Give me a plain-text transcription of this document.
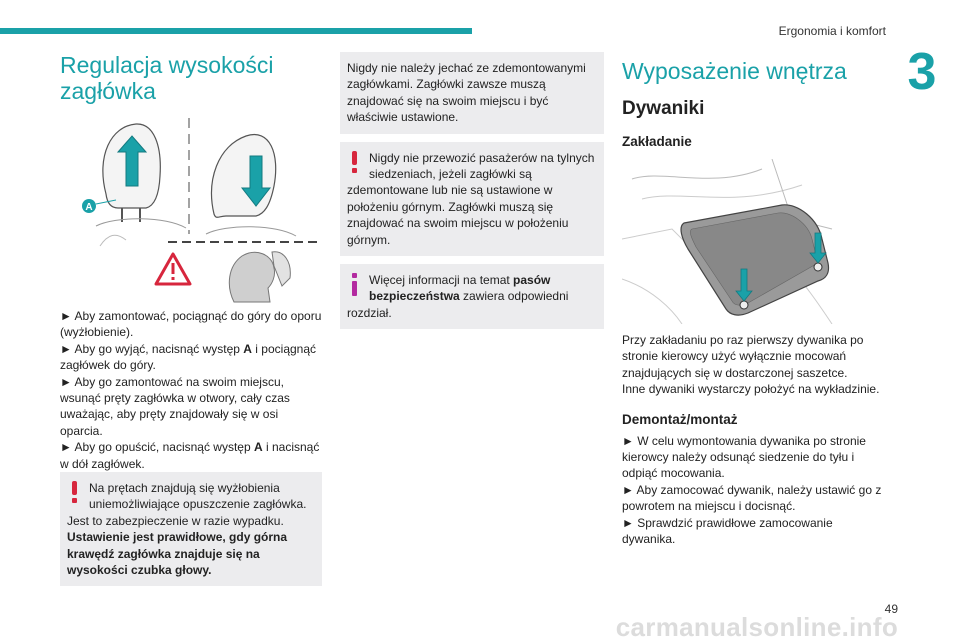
Ergonomia i komfort
3
Regulacja wysokości zagłówka
A

► Aby zamontować, pociągnąć do góry do oporu (wyżłobienie).

► Aby go wyjąć, nacisnąć występ A i pociągnąć zagłówek do góry.

► Aby go zamontować na swoim miejscu, wsunąć pręty zagłówka w otwory, cały czas uważając, aby pręty znajdowały się w osi oparcia.

► Aby go opuścić, nacisnąć występ A i nacisnąć w dół zagłówek.

Na prętach znajdują się wyżłobienia uniemożliwiające opuszczenie zagłówka.

Jest to zabezpieczenie w razie wypadku.

Ustawienie jest prawidłowe, gdy górna krawędź zagłówka znajduje się na wysokości czubka głowy.

Nigdy nie należy jechać ze zdemontowanymi zagłówkami. Zagłówki zawsze muszą znajdować się na swoim miejscu i być właściwie ustawione.

Nigdy nie przewozić pasażerów na tylnych siedzeniach, jeżeli zagłówki są zdemontowane lub nie są ustawione w położeniu górnym. Zagłówki muszą się znajdować na swoim miejscu w położeniu górnym.

Więcej informacji na temat pasów bezpieczeństwa zawiera odpowiedni rozdział.

Wyposażenie wnętrza
Dywaniki
Zakładanie

Przy zakładaniu po raz pierwszy dywanika po stronie kierowcy użyć wyłącznie mocowań znajdujących się w dostarczonej saszetce.

Inne dywaniki wystarczy położyć na wykładzinie.

Demontaż/montaż

► W celu wymontowania dywanika po stronie kierowcy należy odsunąć siedzenie do tyłu i odpiąć mocowania.

► Aby zamocować dywanik, należy ustawić go z powrotem na miejscu i docisnąć.

► Sprawdzić prawidłowe zamocowanie dywanika.

49
carmanualsonline.info
